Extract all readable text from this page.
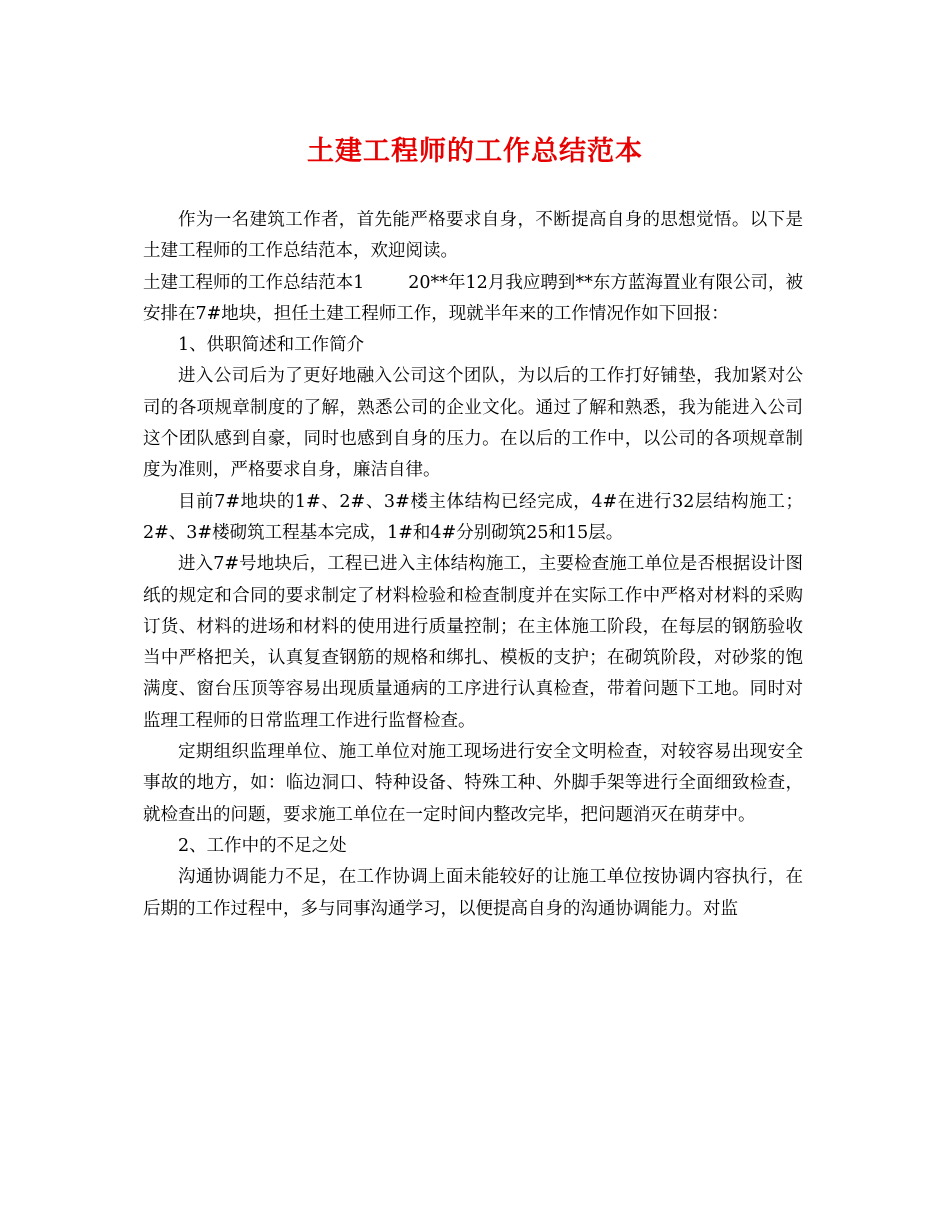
土建工程师的工作总结范本

作为一名建筑工作者，首先能严格要求自身，不断提高自身的思想觉悟。以下是土建工程师的工作总结范本，欢迎阅读。

土建工程师的工作总结范本1	20**年12月我应聘到**东方蓝海置业有限公司，被安排在7#地块，担任土建工程师工作，现就半年来的工作情况作如下回报：

1、供职简述和工作简介

进入公司后为了更好地融入公司这个团队，为以后的工作打好铺垫，我加紧对公司的各项规章制度的了解，熟悉公司的企业文化。通过了解和熟悉，我为能进入公司这个团队感到自豪，同时也感到自身的压力。在以后的工作中，以公司的各项规章制度为准则，严格要求自身，廉洁自律。

目前7#地块的1#、2#、3#楼主体结构已经完成，4#在进行32层结构施工；2#、3#楼砌筑工程基本完成，1#和4#分别砌筑25和15层。

进入7#号地块后，工程已进入主体结构施工，主要检查施工单位是否根据设计图纸的规定和合同的要求制定了材料检验和检查制度并在实际工作中严格对材料的采购订货、材料的进场和材料的使用进行质量控制；在主体施工阶段，在每层的钢筋验收当中严格把关，认真复查钢筋的规格和绑扎、模板的支护；在砌筑阶段，对砂浆的饱满度、窗台压顶等容易出现质量通病的工序进行认真检查，带着问题下工地。同时对监理工程师的日常监理工作进行监督检查。

定期组织监理单位、施工单位对施工现场进行安全文明检查，对较容易出现安全事故的地方，如：临边洞口、特种设备、特殊工种、外脚手架等进行全面细致检查，就检查出的问题，要求施工单位在一定时间内整改完毕，把问题消灭在萌芽中。

2、工作中的不足之处

沟通协调能力不足，在工作协调上面未能较好的让施工单位按协调内容执行，在后期的工作过程中，多与同事沟通学习，以便提高自身的沟通协调能力。对监
